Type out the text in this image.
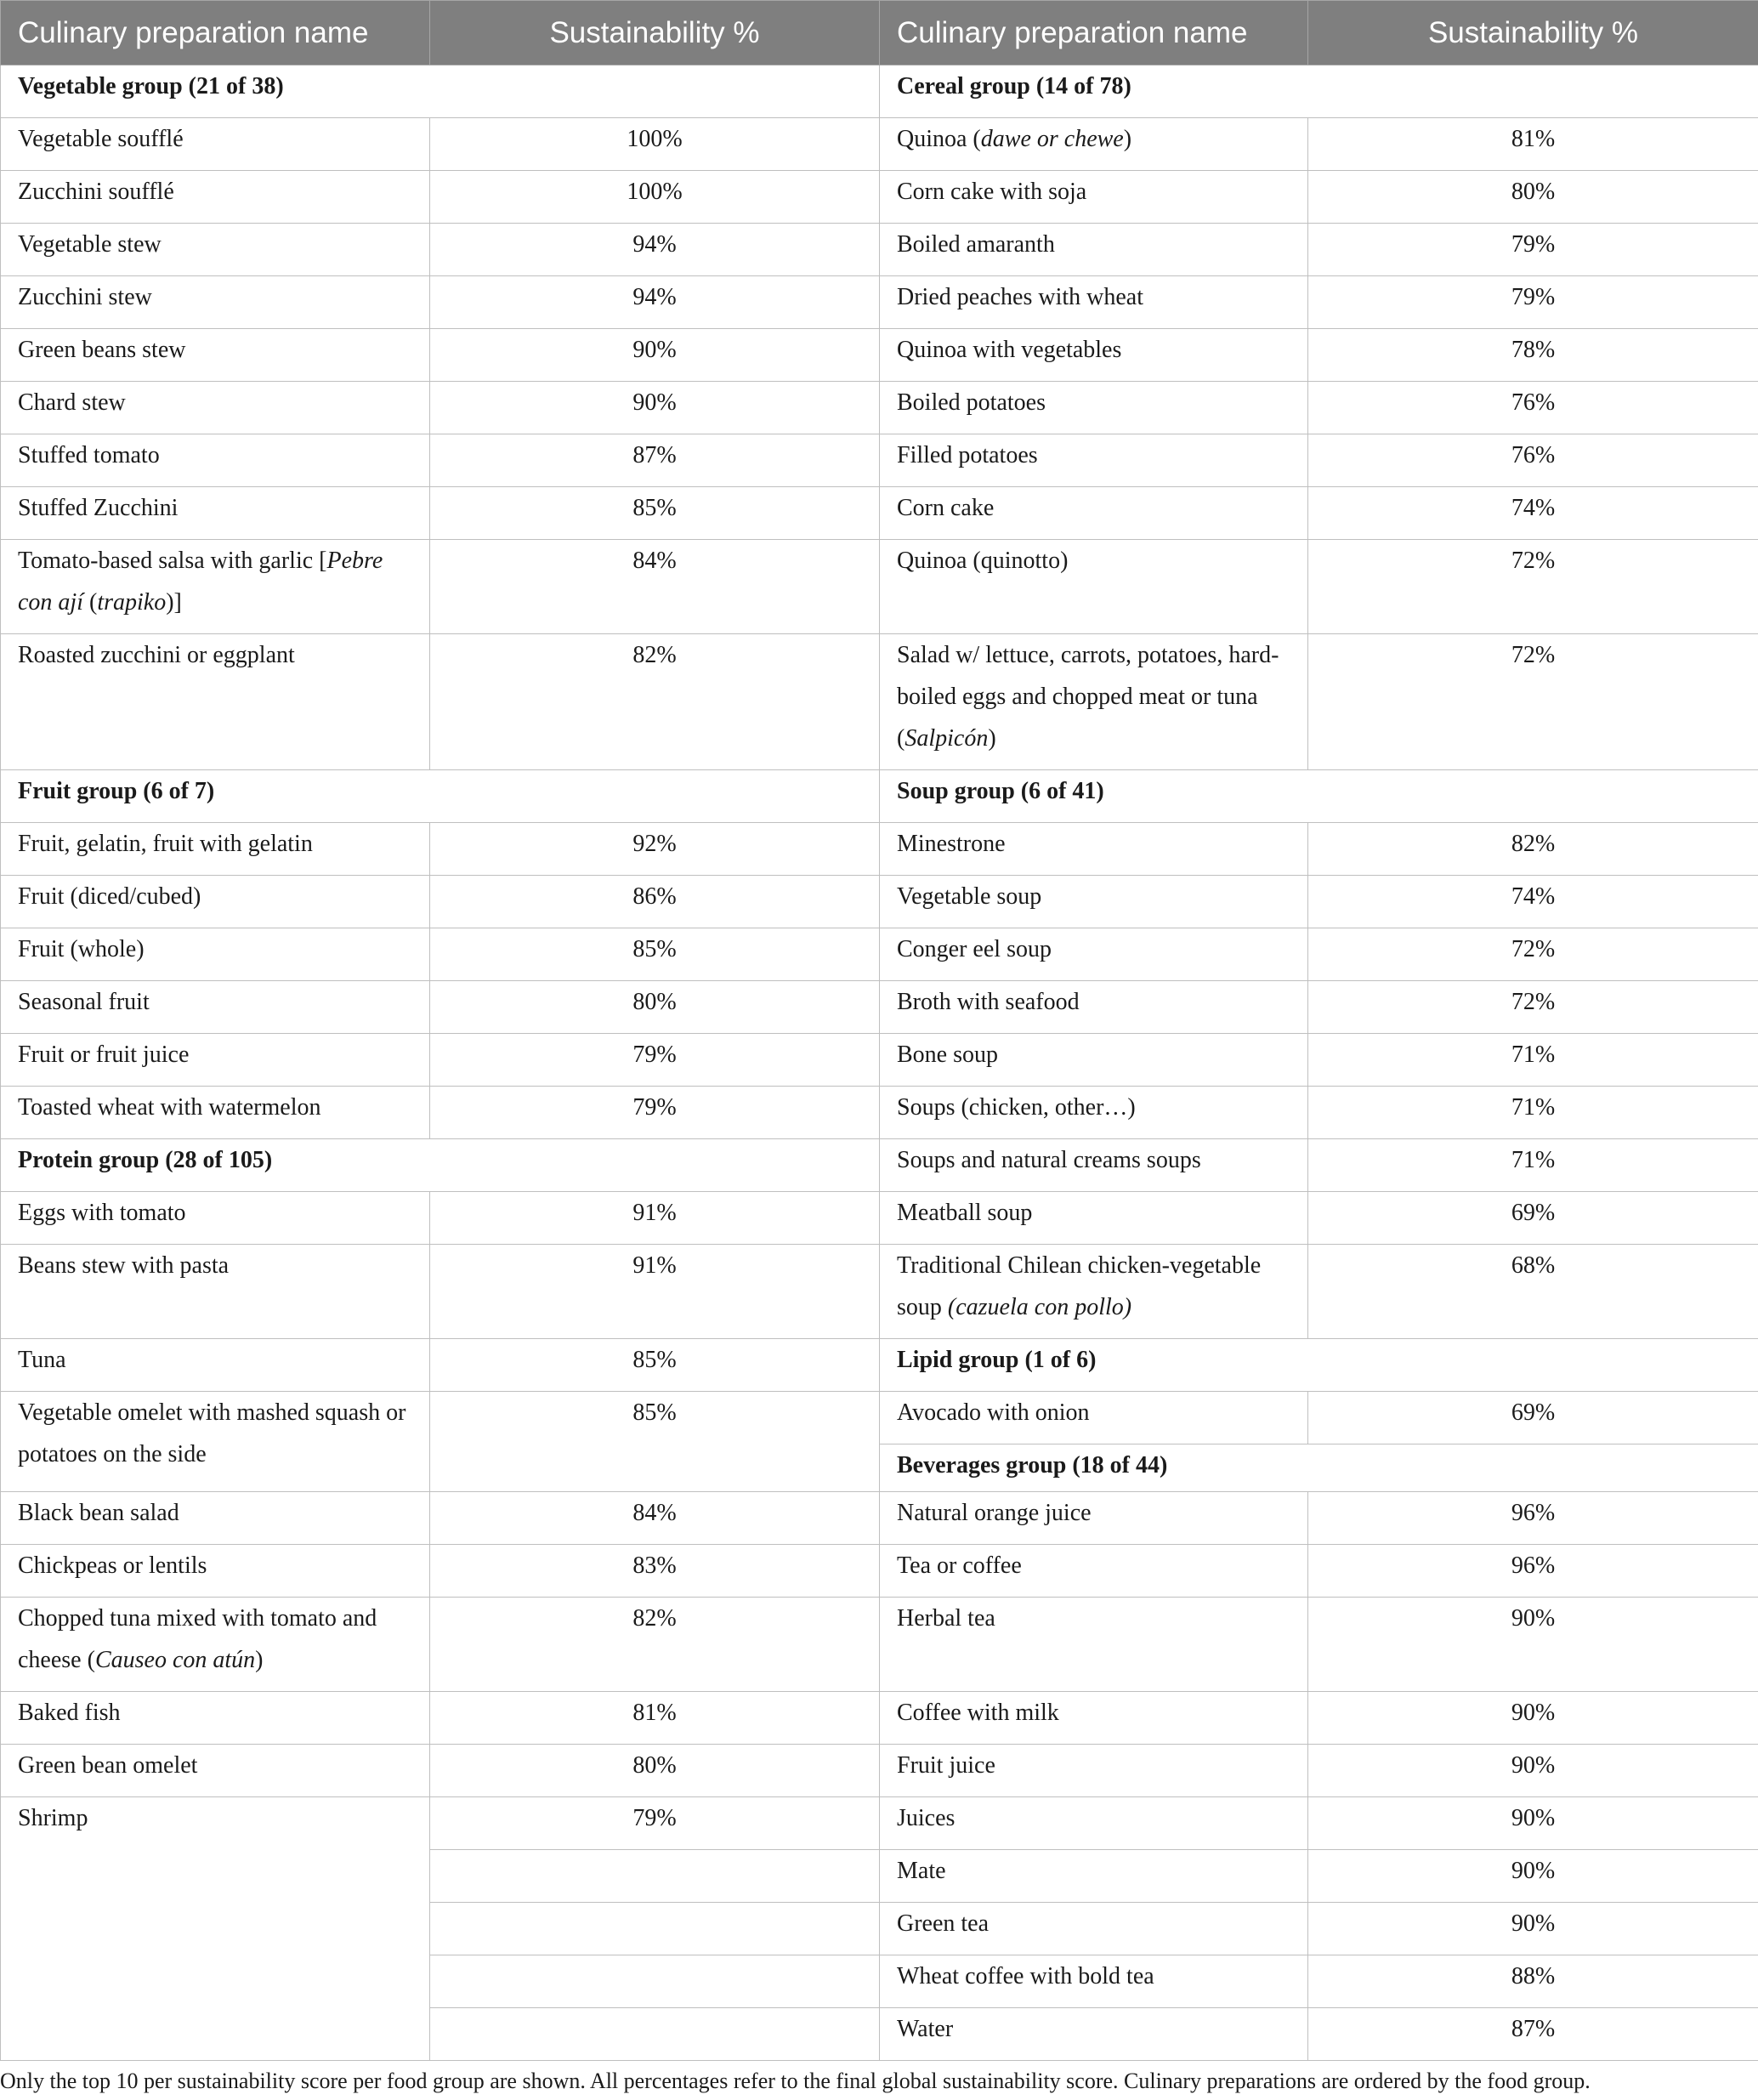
Culinary preparation name	Sustainability %	Culinary preparation name	Sustainability %
Vegetable group (21 of 38)		Cereal group (14 of 78)	
Vegetable soufflé	100%	Quinoa (dawe or chewe)	81%
Zucchini soufflé	100%	Corn cake with soja	80%
Vegetable stew	94%	Boiled amaranth	79%
Zucchini stew	94%	Dried peaches with wheat	79%
Green beans stew	90%	Quinoa with vegetables	78%
Chard stew	90%	Boiled potatoes	76%
Stuffed tomato	87%	Filled potatoes	76%
Stuffed Zucchini	85%	Corn cake	74%
Tomato-based salsa with garlic [Pebre con ají (trapiko)]	84%	Quinoa (quinotto)	72%
Roasted zucchini or eggplant	82%	Salad w/ lettuce, carrots, potatoes, hard-boiled eggs and chopped meat or tuna (Salpicón)	72%
Fruit group (6 of 7)		Soup group (6 of 41)	
Fruit, gelatin, fruit with gelatin	92%	Minestrone	82%
Fruit (diced/cubed)	86%	Vegetable soup	74%
Fruit (whole)	85%	Conger eel soup	72%
Seasonal fruit	80%	Broth with seafood	72%
Fruit or fruit juice	79%	Bone soup	71%
Toasted wheat with watermelon	79%	Soups (chicken, other…)	71%
Protein group (28 of 105)		Soups and natural creams soups	71%
Eggs with tomato	91%	Meatball soup	69%
Beans stew with pasta	91%	Traditional Chilean chicken-vegetable soup (cazuela con pollo)	68%
Tuna	85%	Lipid group (1 of 6)	
Vegetable omelet with mashed squash or potatoes on the side	85%	Avocado with onion	69%
		Beverages group (18 of 44)	
Black bean salad	84%	Natural orange juice	96%
Chickpeas or lentils	83%	Tea or coffee	96%
Chopped tuna mixed with tomato and cheese (Causeo con atún)	82%	Herbal tea	90%
Baked fish	81%	Coffee with milk	90%
Green bean omelet	80%	Fruit juice	90%
Shrimp	79%	Juices	90%
		Mate	90%
		Green tea	90%
		Wheat coffee with bold tea	88%
		Water	87%
Only the top 10 per sustainability score per food group are shown. All percentages refer to the final global sustainability score. Culinary preparations are ordered by the food group.
